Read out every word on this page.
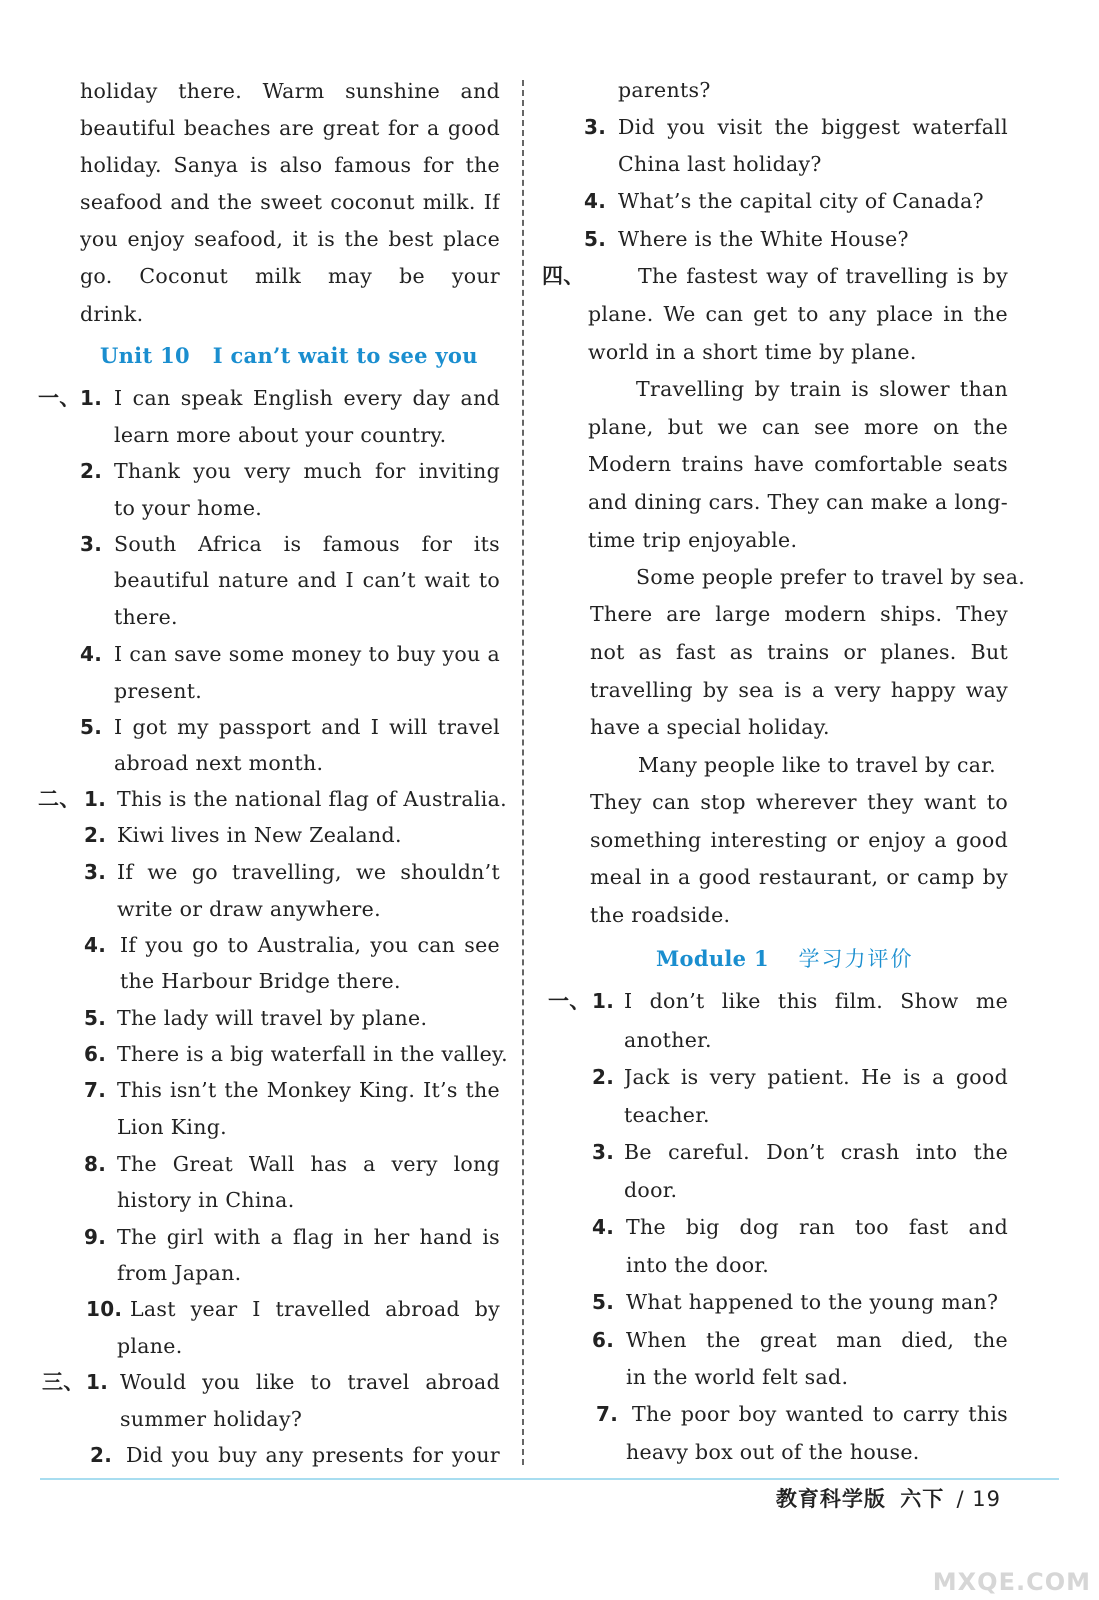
holiday there. Warm sunshine and
beautiful beaches are great for a good
holiday. Sanya is also famous for the
seafood and the sweet coconut milk. If
you enjoy seafood, it is the best place
go. Coconut milk may be your
drink.
Unit 10   I can’t wait to see you
一、 1. I can speak English every day and
learn more about your country.
2. Thank you very much for inviting
to your home.
3. South Africa is famous for its
beautiful nature and I can’t wait to
there.
4. I can save some money to buy you a
present.
5. I got my passport and I will travel
abroad next month.
二、 1. This is the national flag of Australia.
2. Kiwi lives in New Zealand.
3. If we go travelling, we shouldn’t
write or draw anywhere.
4. If you go to Australia, you can see
the Harbour Bridge there.
5. The lady will travel by plane.
6. There is a big waterfall in the valley.
7. This isn’t the Monkey King. It’s the
Lion King.
8. The Great Wall has a very long
history in China.
9. The girl with a flag in her hand is
from Japan.
10. Last year I travelled abroad by
plane.
三、 1. Would you like to travel abroad
summer holiday?
2. Did you buy any presents for your
parents?
3. Did you visit the biggest waterfall
China last holiday?
4. What’s the capital city of Canada?
5. Where is the White House?
四、	The fastest way of travelling is by
plane. We can get to any place in the
world in a short time by plane.
Travelling by train is slower than
plane, but we can see more on the
Modern trains have comfortable seats
and dining cars. They can make a long-
time trip enjoyable.
Some people prefer to travel by sea.
There are large modern ships. They
not as fast as trains or planes. But
travelling by sea is a very happy way
have a special holiday.
Many people like to travel by car.
They can stop wherever they want to
something interesting or enjoy a good
meal in a good restaurant, or camp by
the roadside.
Module 1 学习力评价
一、 1. I don’t like this film. Show me
another.
2. Jack is very patient. He is a good
teacher.
3. Be careful. Don’t crash into the
door.
4. The big dog ran too fast and
into the door.
5. What happened to the young man?
6. When the great man died, the
in the world felt sad.
7. The poor boy wanted to carry this
heavy box out of the house.
教育科学版 六下 / 19
MXQE.COM
